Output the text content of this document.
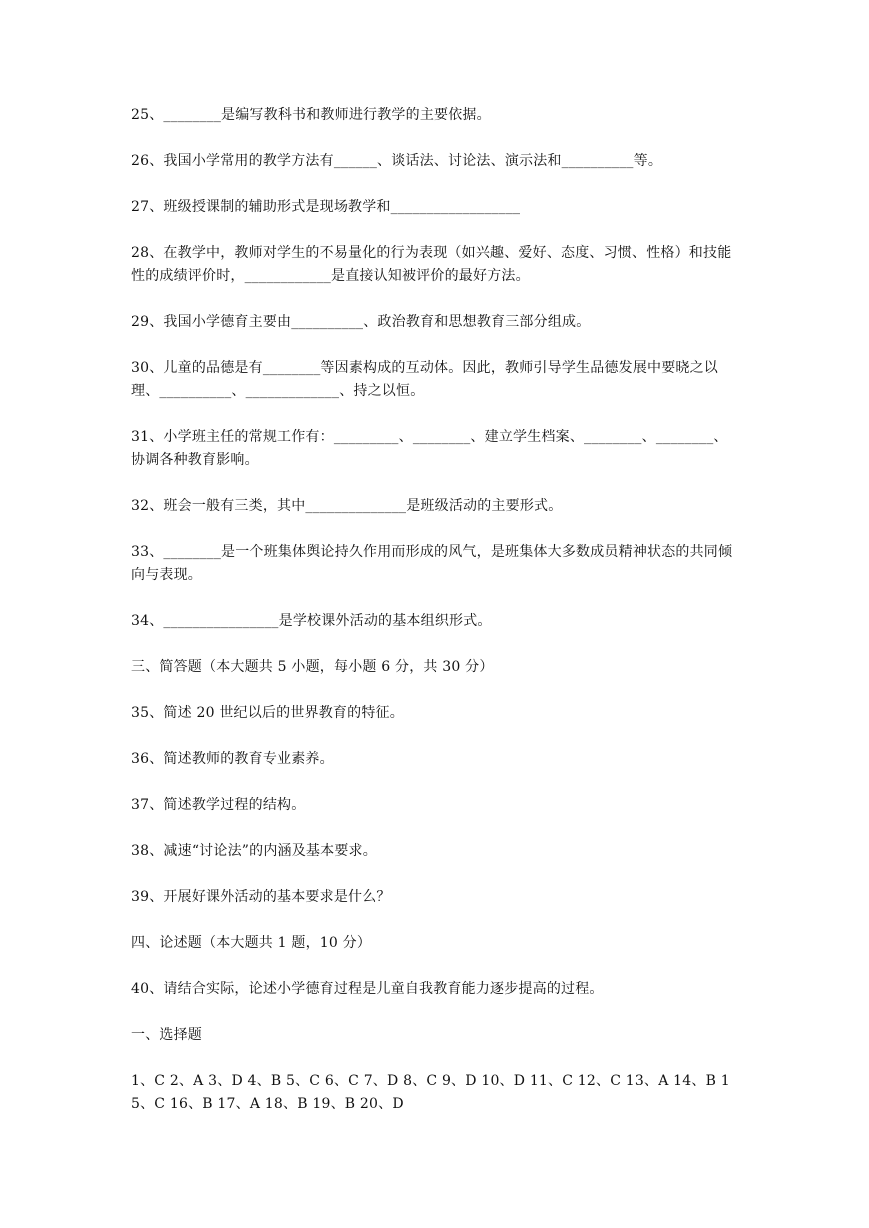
25、________是编写教科书和教师进行教学的主要依据。

26、我国小学常用的教学方法有______、谈话法、讨论法、演示法和__________等。

27、班级授课制的辅助形式是现场教学和__________________

28、在教学中，教师对学生的不易量化的行为表现（如兴趣、爱好、态度、习惯、性格）和技能性的成绩评价时，____________是直接认知被评价的最好方法。

29、我国小学德育主要由__________、政治教育和思想教育三部分组成。

30、儿童的品德是有________等因素构成的互动体。因此，教师引导学生品德发展中要晓之以理、__________、_____________、持之以恒。

31、小学班主任的常规工作有：_________、________、建立学生档案、________、________、协调各种教育影响。

32、班会一般有三类，其中______________是班级活动的主要形式。

33、________是一个班集体舆论持久作用而形成的风气，是班集体大多数成员精神状态的共同倾向与表现。

34、________________是学校课外活动的基本组织形式。

三、简答题（本大题共 5 小题，每小题 6 分，共 30 分）

35、简述 20 世纪以后的世界教育的特征。

36、简述教师的教育专业素养。

37、简述教学过程的结构。

38、减速“讨论法”的内涵及基本要求。

39、开展好课外活动的基本要求是什么？

四、论述题（本大题共 1 题，10 分）

40、请结合实际，论述小学德育过程是儿童自我教育能力逐步提高的过程。

一、选择题

1、C 2、A 3、D 4、B 5、C 6、C 7、D 8、C 9、D 10、D 11、C 12、C 13、A 14、B 15、C 16、B 17、A 18、B 19、B 20、D
